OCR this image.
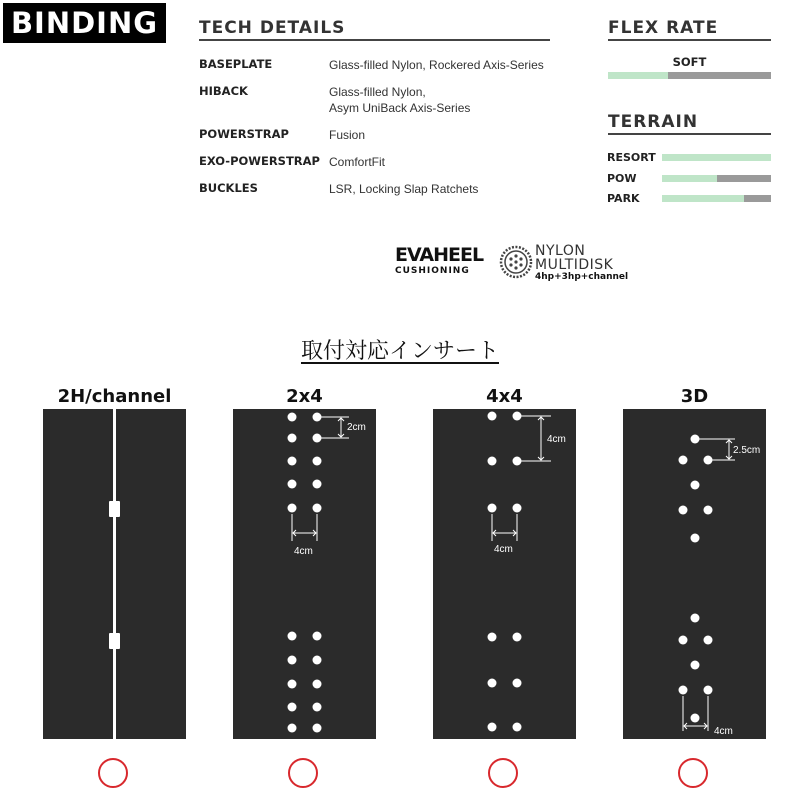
BINDING	TECH DETAILS
BASEPLATE	Glass-filled Nylon, Rockered Axis-Series
HIBACK	Glass-filled Nylon,
Asym UniBack Axis-Series
POWERSTRAP	Fusion
EXO-POWERSTRAP ComfortFit
BUCKLES	LSR, Locking Slap Ratchets
FLEX RATE
SOFT
TERRAIN
RESORT
POW
PARK
EVAHEEL
CUSHIONING
NYLON
MULTIDISK
4hp+3hp+channel
取付対応インサート
2H/channel	2x4	4x4	3D
2cm
4cm
4cm
4cm
2.5cm
4cm
